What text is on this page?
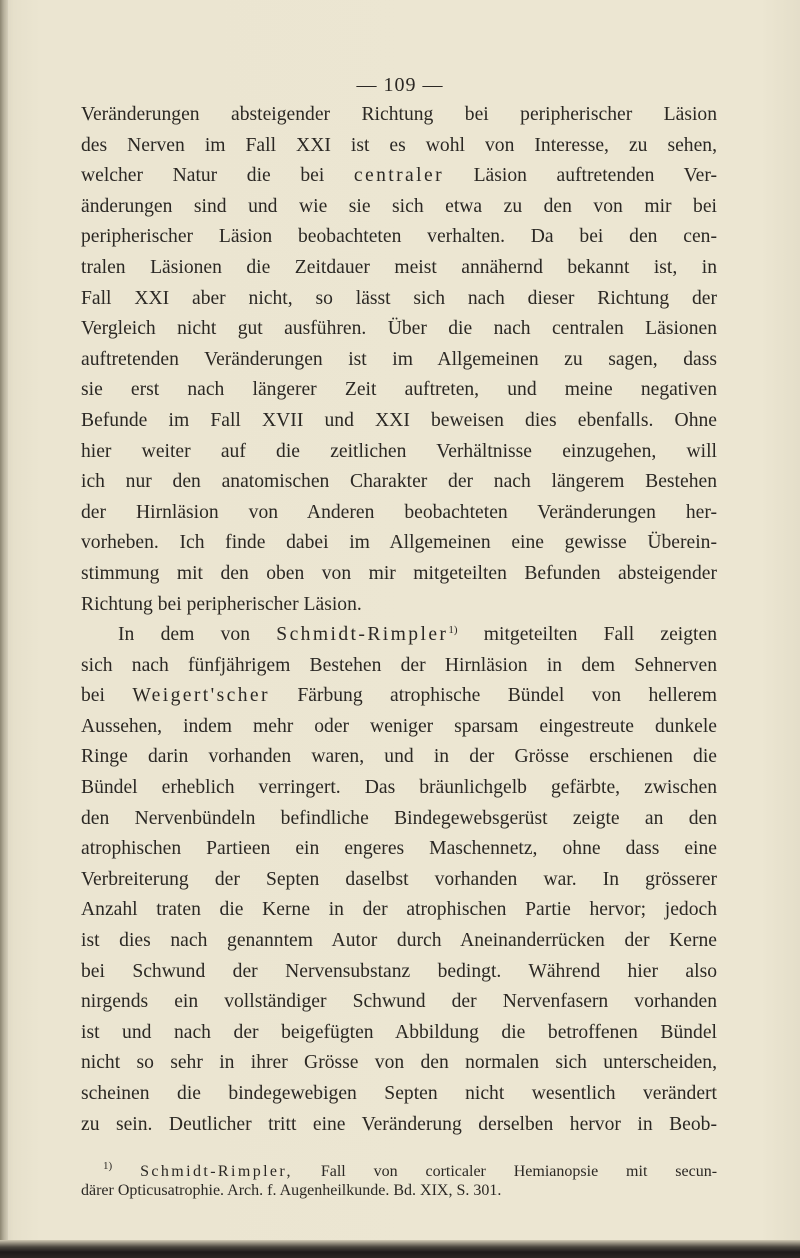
— 109 —
Veränderungen absteigender Richtung bei peripherischer Läsion
des Nerven im Fall XXI ist es wohl von Interesse, zu sehen,
welcher Natur die bei centraler Läsion auftretenden Ver-
änderungen sind und wie sie sich etwa zu den von mir bei
peripherischer Läsion beobachteten verhalten. Da bei den cen-
tralen Läsionen die Zeitdauer meist annähernd bekannt ist, in
Fall XXI aber nicht, so lässt sich nach dieser Richtung der
Vergleich nicht gut ausführen. Über die nach centralen Läsionen
auftretenden Veränderungen ist im Allgemeinen zu sagen, dass
sie erst nach längerer Zeit auftreten, und meine negativen
Befunde im Fall XVII und XXI beweisen dies ebenfalls. Ohne
hier weiter auf die zeitlichen Verhältnisse einzugehen, will
ich nur den anatomischen Charakter der nach längerem Bestehen
der Hirnläsion von Anderen beobachteten Veränderungen her-
vorheben. Ich finde dabei im Allgemeinen eine gewisse Überein-
stimmung mit den oben von mir mitgeteilten Befunden absteigender
Richtung bei peripherischer Läsion.
In dem von Schmidt-Rimpler$^{1)}$ mitgeteilten Fall zeigten
sich nach fünfjährigem Bestehen der Hirnläsion in dem Sehnerven
bei Weigert'scher Färbung atrophische Bündel von hellerem
Aussehen, indem mehr oder weniger sparsam eingestreute dunkele
Ringe darin vorhanden waren, und in der Grösse erschienen die
Bündel erheblich verringert. Das bräunlichgelb gefärbte, zwischen
den Nervenbündeln befindliche Bindegewebsgerüst zeigte an den
atrophischen Partieen ein engeres Maschennetz, ohne dass eine
Verbreiterung der Septen daselbst vorhanden war. In grösserer
Anzahl traten die Kerne in der atrophischen Partie hervor; jedoch
ist dies nach genanntem Autor durch Aneinanderrücken der Kerne
bei Schwund der Nervensubstanz bedingt. Während hier also
nirgends ein vollständiger Schwund der Nervenfasern vorhanden
ist und nach der beigefügten Abbildung die betroffenen Bündel
nicht so sehr in ihrer Grösse von den normalen sich unterscheiden,
scheinen die bindegewebigen Septen nicht wesentlich verändert
zu sein. Deutlicher tritt eine Veränderung derselben hervor in Beob-
$^{1)}$ Schmidt-Rimpler, Fall von corticaler Hemianopsie mit secun-
därer Opticusatrophie. Arch. f. Augenheilkunde. Bd. XIX, S. 301.
